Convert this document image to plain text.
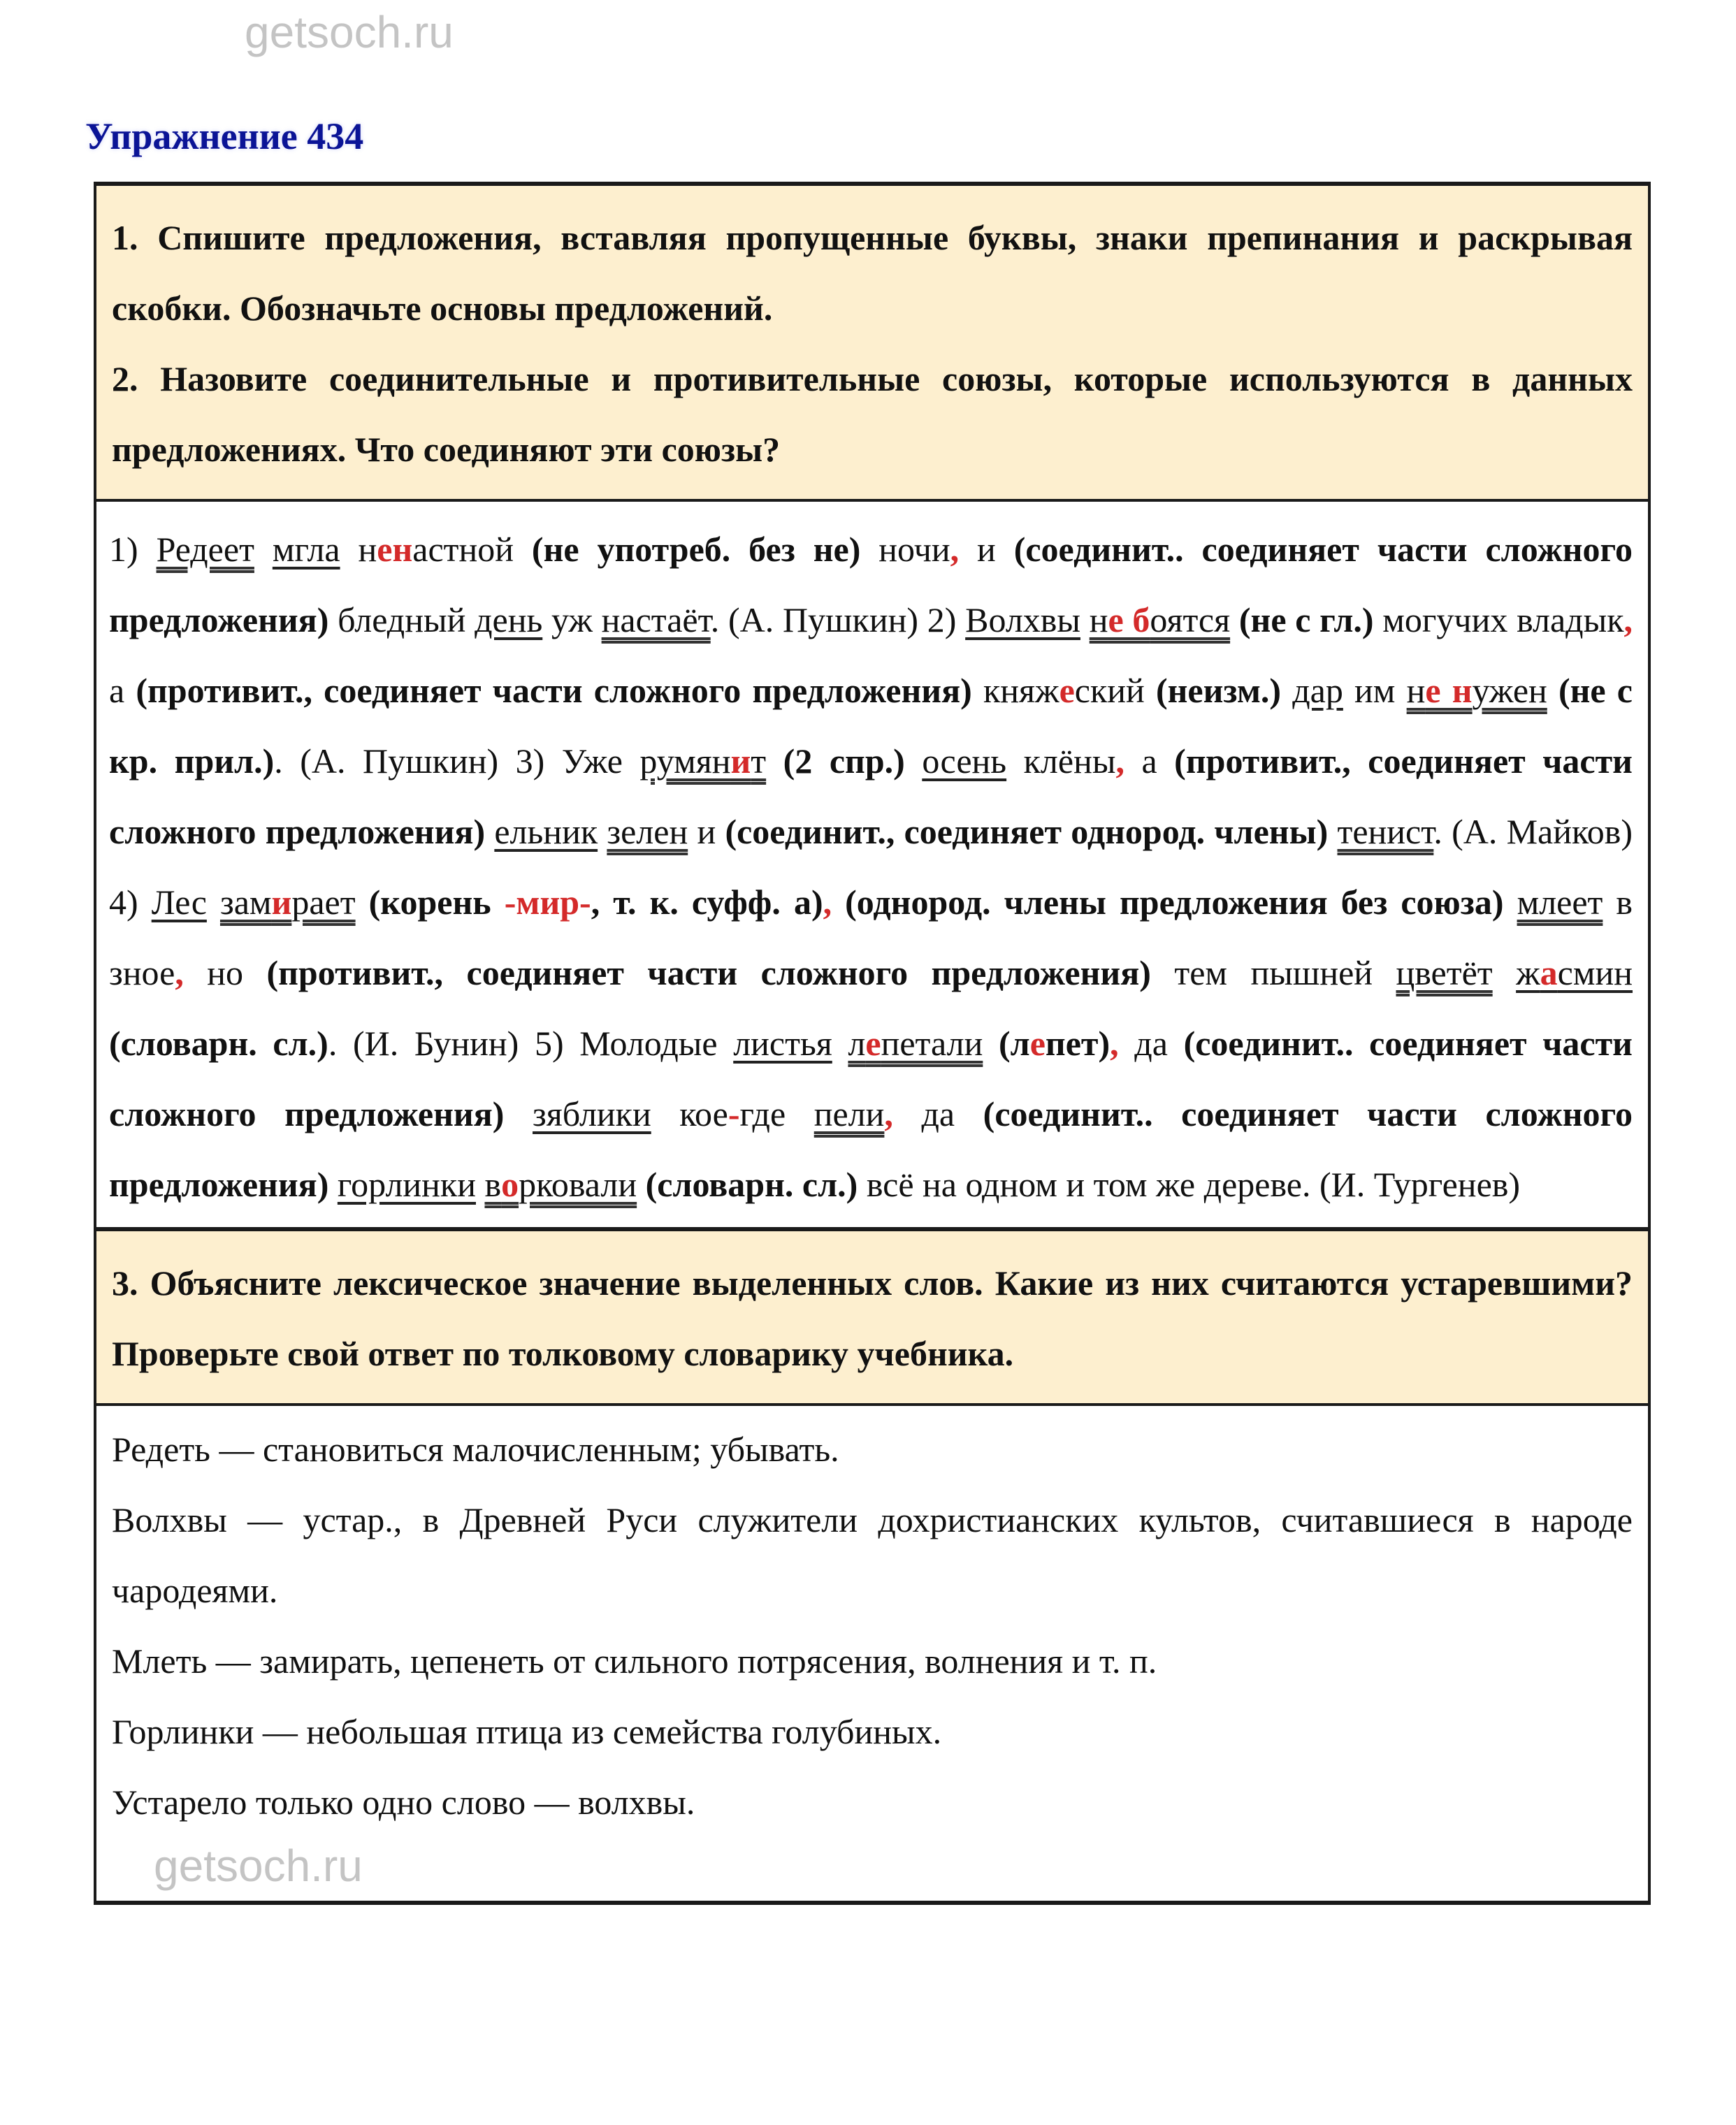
getsoch.ru
Упражнение 434

1. Спишите предложения, вставляя пропущенные буквы, знаки препинания и раскрывая скобки. Обозначьте основы предложений.

2. Назовите соединительные и противительные союзы, которые используются в данных предложениях. Что соединяют эти союзы?

1) Редеет мгла ненастной (не употреб. без не) ночи, и (соединит.. соединяет части сложного предложения) бледный день уж настаёт. (А. Пушкин) 2) Волхвы не боятся (не с гл.) могучих владык, а (противит., соединяет части сложного предложения) княжеский (неизм.) дар им не нужен (не с кр. прил.). (А. Пушкин) 3) Уже румянит (2 спр.) осень клёны, а (противит., соединяет части сложного предложения) ельник зелен и (соединит., соединяет однород. члены) тенист. (А. Майков) 4) Лес замирает (корень -мир-, т. к. суфф. а), (однород. члены предложения без союза) млеет в зное, но (противит., соединяет части сложного предложения) тем пышней цветёт жасмин (словарн. сл.). (И. Бунин) 5) Молодые листья лепетали (лепет), да (соединит.. соединяет части сложного предложения) зяблики кое-где пели, да (соединит.. соединяет части сложного предложения) горлинки ворковали (словарн. сл.) всё на одном и том же дереве. (И. Тургенев)

3. Объясните лексическое значение выделенных слов. Какие из них считаются устаревшими? Проверьте свой ответ по толковому словарику учебника.

Редеть — становиться малочисленным; убывать.

Волхвы — устар., в Древней Руси служители дохристианских культов, считавшиеся в народе чародеями.

Млеть — замирать, цепенеть от сильного потрясения, волнения и т. п.

Горлинки — небольшая птица из семейства голубиных.

Устарело только одно слово — волхвы.

getsoch.ru
